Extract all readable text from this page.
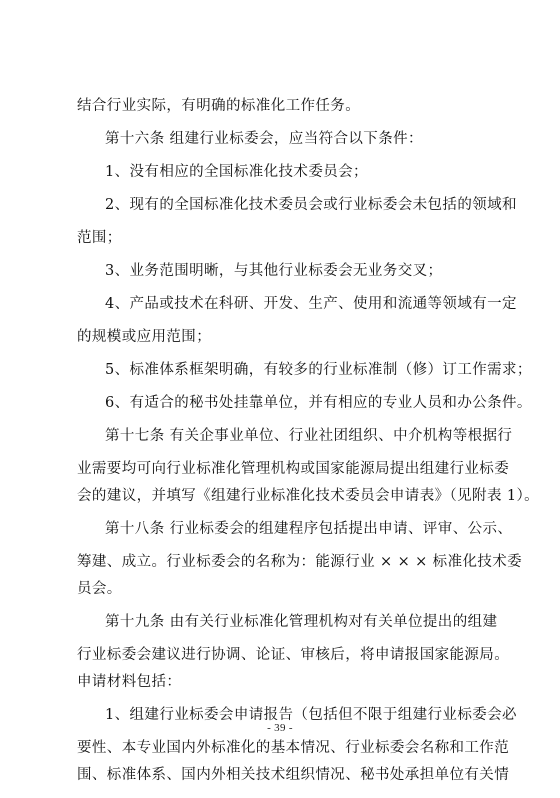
结合行业实际，有明确的标准化工作任务。
第十六条 组建行业标委会，应当符合以下条件：
1、没有相应的全国标准化技术委员会；
2、现有的全国标准化技术委员会或行业标委会未包括的领域和
范围；
3、业务范围明晰，与其他行业标委会无业务交叉；
4、产品或技术在科研、开发、生产、使用和流通等领域有一定
的规模或应用范围；
5、标准体系框架明确，有较多的行业标准制（修）订工作需求；
6、有适合的秘书处挂靠单位，并有相应的专业人员和办公条件。
第十七条 有关企事业单位、行业社团组织、中介机构等根据行
业需要均可向行业标准化管理机构或国家能源局提出组建行业标委
会的建议，并填写《组建行业标准化技术委员会申请表》（见附表 1）。
第十八条 行业标委会的组建程序包括提出申请、评审、公示、
筹建、成立。行业标委会的名称为：能源行业 × × × 标准化技术委
员会。
第十九条 由有关行业标准化管理机构对有关单位提出的组建
行业标委会建议进行协调、论证、审核后，将申请报国家能源局。
申请材料包括：
1、组建行业标委会申请报告（包括但不限于组建行业标委会必
要性、本专业国内外标准化的基本情况、行业标委会名称和工作范
围、标准体系、国内外相关技术组织情况、秘书处承担单位有关情
- 39 -
